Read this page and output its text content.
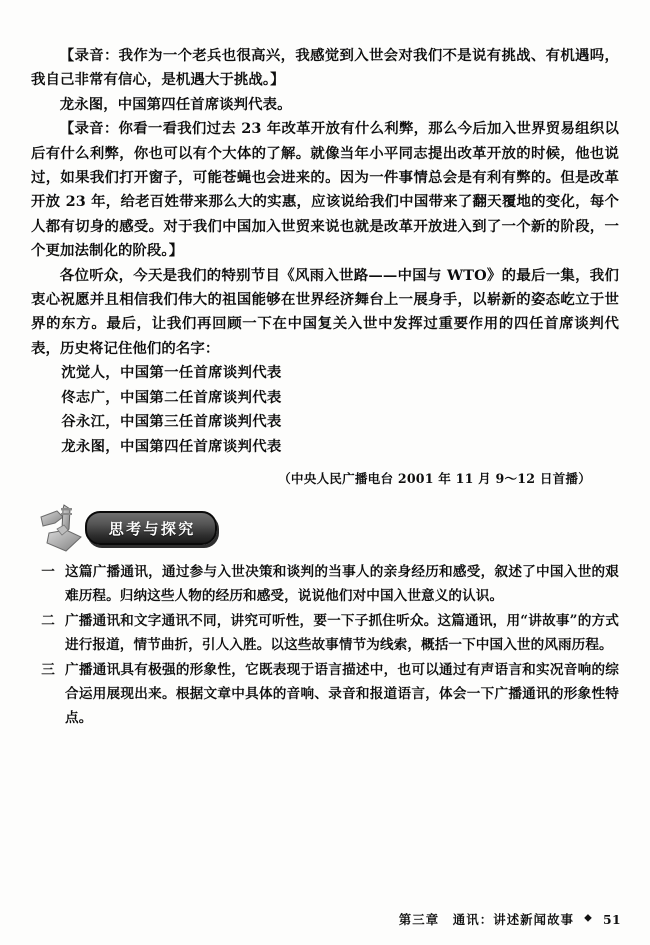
【录音：我作为一个老兵也很高兴，我感觉到入世会对我们不是说有挑战、有机遇吗，我自己非常有信心，是机遇大于挑战。】

龙永图，中国第四任首席谈判代表。

【录音：你看一看我们过去 23 年改革开放有什么利弊，那么今后加入世界贸易组织以后有什么利弊，你也可以有个大体的了解。就像当年小平同志提出改革开放的时候，他也说过，如果我们打开窗子，可能苍蝇也会进来的。因为一件事情总会是有利有弊的。但是改革开放 23 年，给老百姓带来那么大的实惠，应该说给我们中国带来了翻天覆地的变化，每个人都有切身的感受。对于我们中国加入世贸来说也就是改革开放进入到了一个新的阶段，一个更加法制化的阶段。】

各位听众，今天是我们的特别节目《风雨入世路——中国与 WTO》的最后一集，我们衷心祝愿并且相信我们伟大的祖国能够在世界经济舞台上一展身手，以崭新的姿态屹立于世界的东方。最后，让我们再回顾一下在中国复关入世中发挥过重要作用的四任首席谈判代表，历史将记住他们的名字：

沈觉人，中国第一任首席谈判代表
佟志广，中国第二任首席谈判代表
谷永江，中国第三任首席谈判代表
龙永图，中国第四任首席谈判代表
（中央人民广播电台 2001 年 11 月 9～12 日首播）
思考与探究
一 这篇广播通讯，通过参与入世决策和谈判的当事人的亲身经历和感受，叙述了中国入世的艰难历程。归纳这些人物的经历和感受，说说他们对中国入世意义的认识。
二 广播通讯和文字通讯不同，讲究可听性，要一下子抓住听众。这篇通讯，用“讲故事”的方式进行报道，情节曲折，引人入胜。以这些故事情节为线索，概括一下中国入世的风雨历程。
三 广播通讯具有极强的形象性，它既表现于语言描述中，也可以通过有声语言和实况音响的综合运用展现出来。根据文章中具体的音响、录音和报道语言，体会一下广播通讯的形象性特点。
第三章　通讯：讲述新闻故事 ◆ 51
